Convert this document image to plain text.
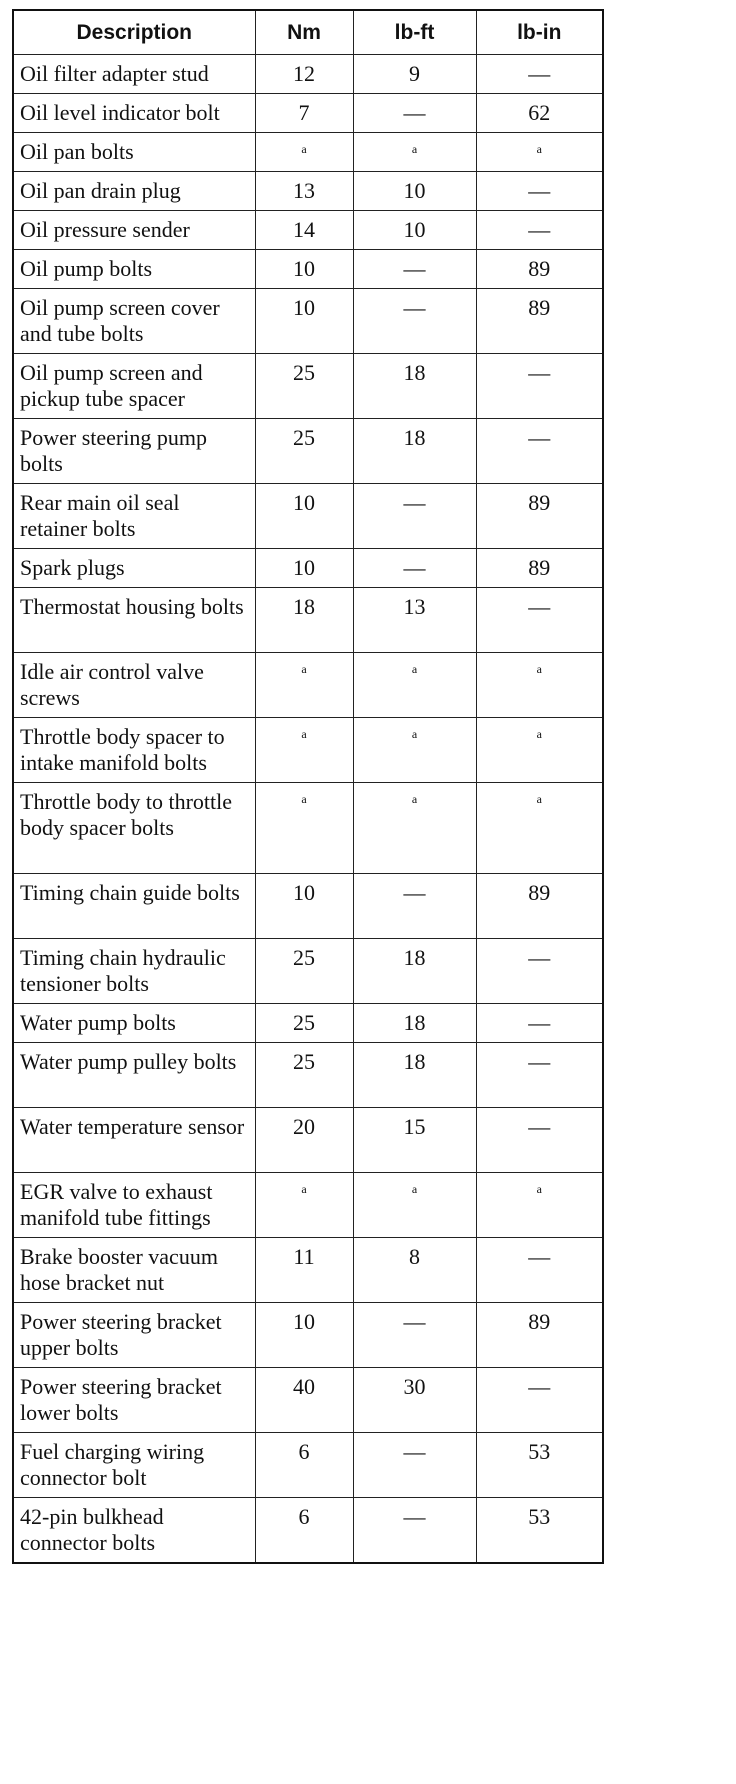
Description	Nm	lb-ft	lb-in
Oil filter adapter stud	12	9	—
Oil level indicator bolt	7	—	62
Oil pan bolts	a	a	a
Oil pan drain plug	13	10	—
Oil pressure sender	14	10	—
Oil pump bolts	10	—	89
Oil pump screen cover and tube bolts	10	—	89
Oil pump screen and pickup tube spacer	25	18	—
Power steering pump bolts	25	18	—
Rear main oil seal retainer bolts	10	—	89
Spark plugs	10	—	89
Thermostat housing bolts	18	13	—
Idle air control valve screws	a	a	a
Throttle body spacer to intake manifold bolts	a	a	a
Throttle body to throttle body spacer bolts	a	a	a
Timing chain guide bolts	10	—	89
Timing chain hydraulic tensioner bolts	25	18	—
Water pump bolts	25	18	—
Water pump pulley bolts	25	18	—
Water temperature sensor	20	15	—
EGR valve to exhaust manifold tube fittings	a	a	a
Brake booster vacuum hose bracket nut	11	8	—
Power steering bracket upper bolts	10	—	89
Power steering bracket lower bolts	40	30	—
Fuel charging wiring connector bolt	6	—	53
42-pin bulkhead connector bolts	6	—	53
